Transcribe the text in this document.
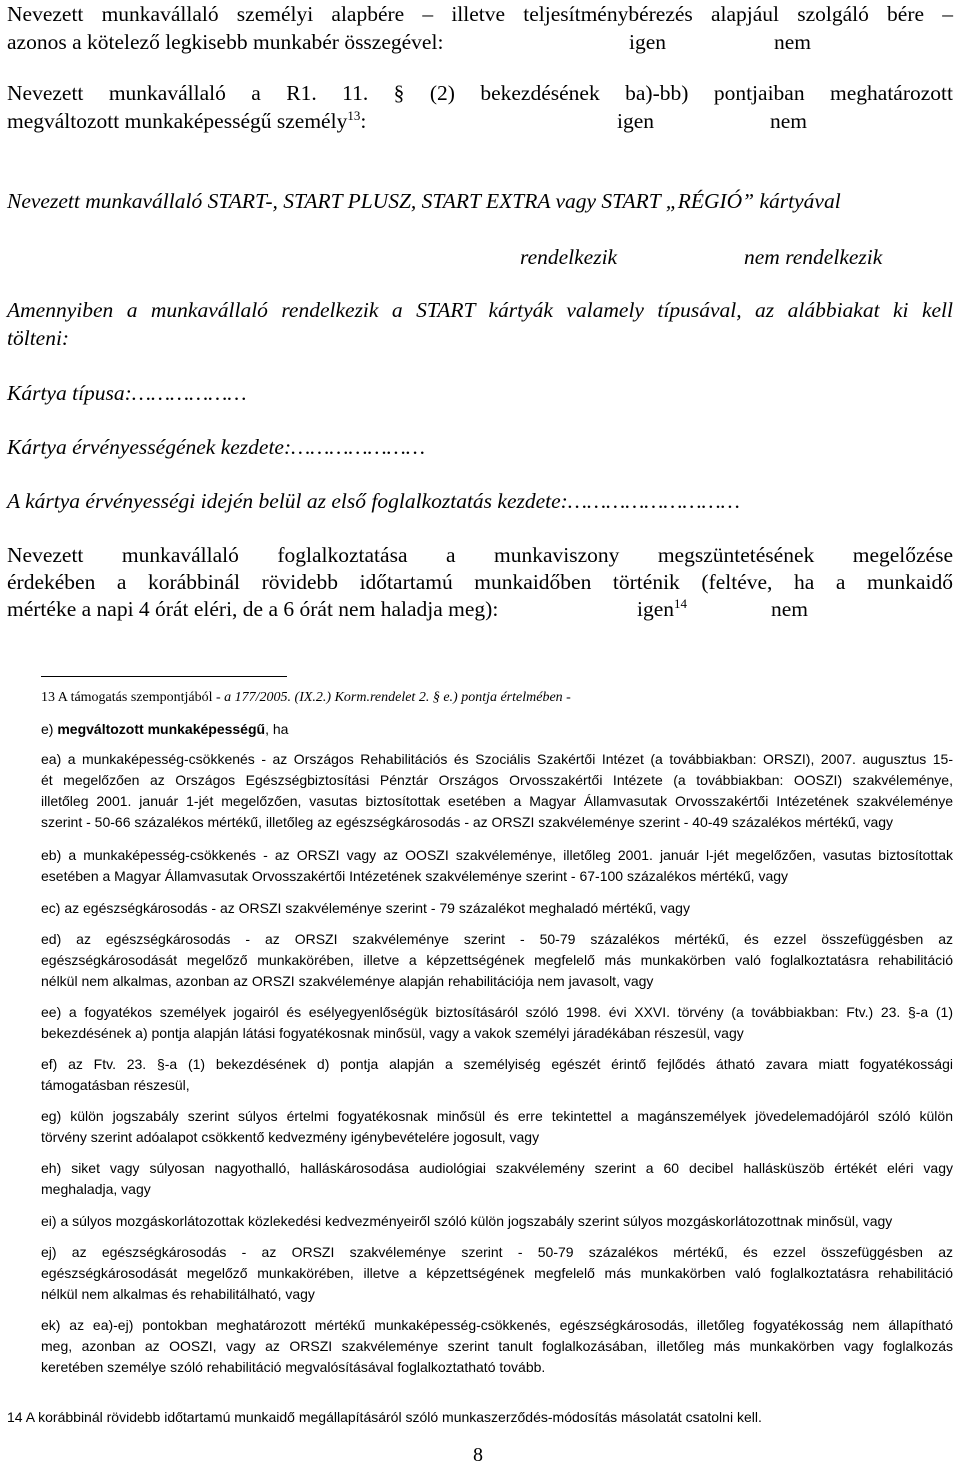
Nevezett munkavállaló személyi alapbére – illetve teljesítménybérezés alapjául szolgáló bére –
azonos a kötelező legkisebb munkabér összegével:	igen	nem
Nevezett munkavállaló a R1. 11. § (2) bekezdésének ba)-bb) pontjaiban meghatározott
megváltozott munkaképességű személy$^{13}$:	igen	nem
Nevezett munkavállaló START-, START PLUSZ, START EXTRA vagy START „RÉGIÓ” kártyával
rendelkezik	nem rendelkezik
Amennyiben a munkavállaló rendelkezik a START kártyák valamely típusával, az alábbiakat ki kell
tölteni:
Kártya típusa:………………
Kártya érvényességének kezdete:…………………
A kártya érvényességi idején belül az első foglalkoztatás kezdete:………………………
Nevezett munkavállaló foglalkoztatása a munkaviszony megszüntetésének megelőzése
érdekében a korábbinál rövidebb időtartamú munkaidőben történik (feltéve, ha a munkaidő
mértéke a napi 4 órát eléri, de a 6 órát nem haladja meg):	igen$^{14}$	nem
13 A támogatás szempontjából - a 177/2005. (IX.2.) Korm.rendelet 2. § e.) pontja értelmében -
e) megváltozott munkaképességű, ha
ea) a munkaképesség-csökkenés - az Országos Rehabilitációs és Szociális Szakértői Intézet (a továbbiakban: ORSZI), 2007. augusztus 15-
ét megelőzően az Országos Egészségbiztosítási Pénztár Országos Orvosszakértői Intézete (a továbbiakban: OOSZI) szakvéleménye,
illetőleg 2001. január 1-jét megelőzően, vasutas biztosítottak esetében a Magyar Államvasutak Orvosszakértői Intézetének szakvéleménye
szerint - 50-66 százalékos mértékű, illetőleg az egészségkárosodás - az ORSZI szakvéleménye szerint - 40-49 százalékos mértékű, vagy
eb) a munkaképesség-csökkenés - az ORSZI vagy az OOSZI szakvéleménye, illetőleg 2001. január l-jét megelőzően, vasutas biztosítottak
esetében a Magyar Államvasutak Orvosszakértői Intézetének szakvéleménye szerint - 67-100 százalékos mértékű, vagy
ec) az egészségkárosodás - az ORSZI szakvéleménye szerint - 79 százalékot meghaladó mértékű, vagy
ed) az egészségkárosodás - az ORSZI szakvéleménye szerint - 50-79 százalékos mértékű, és ezzel összefüggésben az
egészségkárosodását megelőző munkakörében, illetve a képzettségének megfelelő más munkakörben való foglalkoztatásra rehabilitáció
nélkül nem alkalmas, azonban az ORSZI szakvéleménye alapján rehabilitációja nem javasolt, vagy
ee) a fogyatékos személyek jogairól és esélyegyenlőségük biztosításáról szóló 1998. évi XXVI. törvény (a továbbiakban: Ftv.) 23. §-a (1)
bekezdésének a) pontja alapján látási fogyatékosnak minősül, vagy a vakok személyi járadékában részesül, vagy
ef) az Ftv. 23. §-a (1) bekezdésének d) pontja alapján a személyiség egészét érintő fejlődés átható zavara miatt fogyatékossági
támogatásban részesül,
eg) külön jogszabály szerint súlyos értelmi fogyatékosnak minősül és erre tekintettel a magánszemélyek jövedelemadójáról szóló külön
törvény szerint adóalapot csökkentő kedvezmény igénybevételére jogosult, vagy
eh) siket vagy súlyosan nagyothalló, halláskárosodása audiológiai szakvélemény szerint a 60 decibel hallásküszöb értékét eléri vagy
meghaladja, vagy
ei) a súlyos mozgáskorlátozottak közlekedési kedvezményeiről szóló külön jogszabály szerint súlyos mozgáskorlátozottnak minősül, vagy
ej) az egészségkárosodás - az ORSZI szakvéleménye szerint - 50-79 százalékos mértékű, és ezzel összefüggésben az
egészségkárosodását megelőző munkakörében, illetve a képzettségének megfelelő más munkakörben való foglalkoztatásra rehabilitáció
nélkül nem alkalmas és rehabilitálható, vagy
ek) az ea)-ej) pontokban meghatározott mértékű munkaképesség-csökkenés, egészségkárosodás, illetőleg fogyatékosság nem állapítható
meg, azonban az OOSZI, vagy az ORSZI szakvéleménye szerint tanult foglalkozásában, illetőleg más munkakörben vagy foglalkozás
keretében személye szóló rehabilitáció megvalósításával foglalkoztatható tovább.
14 A korábbinál rövidebb időtartamú munkaidő megállapításáról szóló munkaszerződés-módosítás másolatát csatolni kell.
8
